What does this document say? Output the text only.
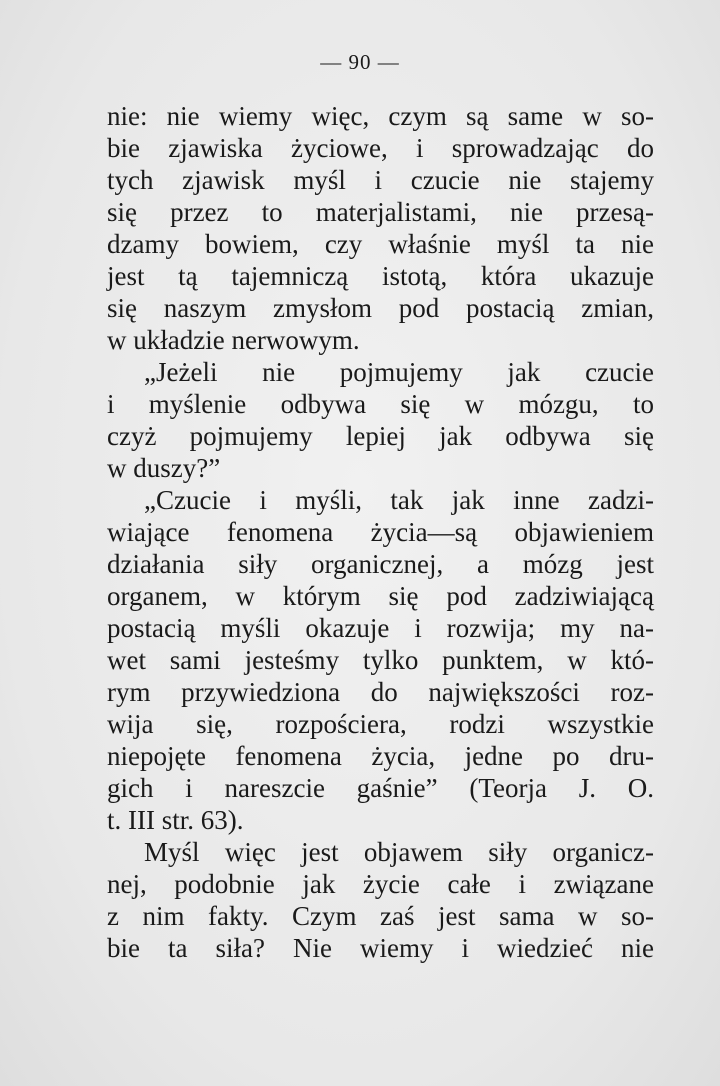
— 90 —
nie: nie wiemy więc, czym są same w so-
bie zjawiska życiowe, i sprowadzając do
tych zjawisk myśl i czucie nie stajemy
się przez to materjalistami, nie przesą-
dzamy bowiem, czy właśnie myśl ta nie
jest tą tajemniczą istotą, która ukazuje
się naszym zmysłom pod postacią zmian,
w układzie nerwowym.
„Jeżeli nie pojmujemy jak czucie
i myślenie odbywa się w mózgu, to
czyż pojmujemy lepiej jak odbywa się
w duszy?”
„Czucie i myśli, tak jak inne zadzi-
wiające fenomena życia—są objawieniem
działania siły organicznej, a mózg jest
organem, w którym się pod zadziwiającą
postacią myśli okazuje i rozwija; my na-
wet sami jesteśmy tylko punktem, w któ-
rym przywiedziona do największości roz-
wija się, rozpościera, rodzi wszystkie
niepojęte fenomena życia, jedne po dru-
gich i nareszcie gaśnie” (Teorja J. O.
t. III str. 63).
Myśl więc jest objawem siły organicz-
nej, podobnie jak życie całe i związane
z nim fakty. Czym zaś jest sama w so-
bie ta siła? Nie wiemy i wiedzieć nie
